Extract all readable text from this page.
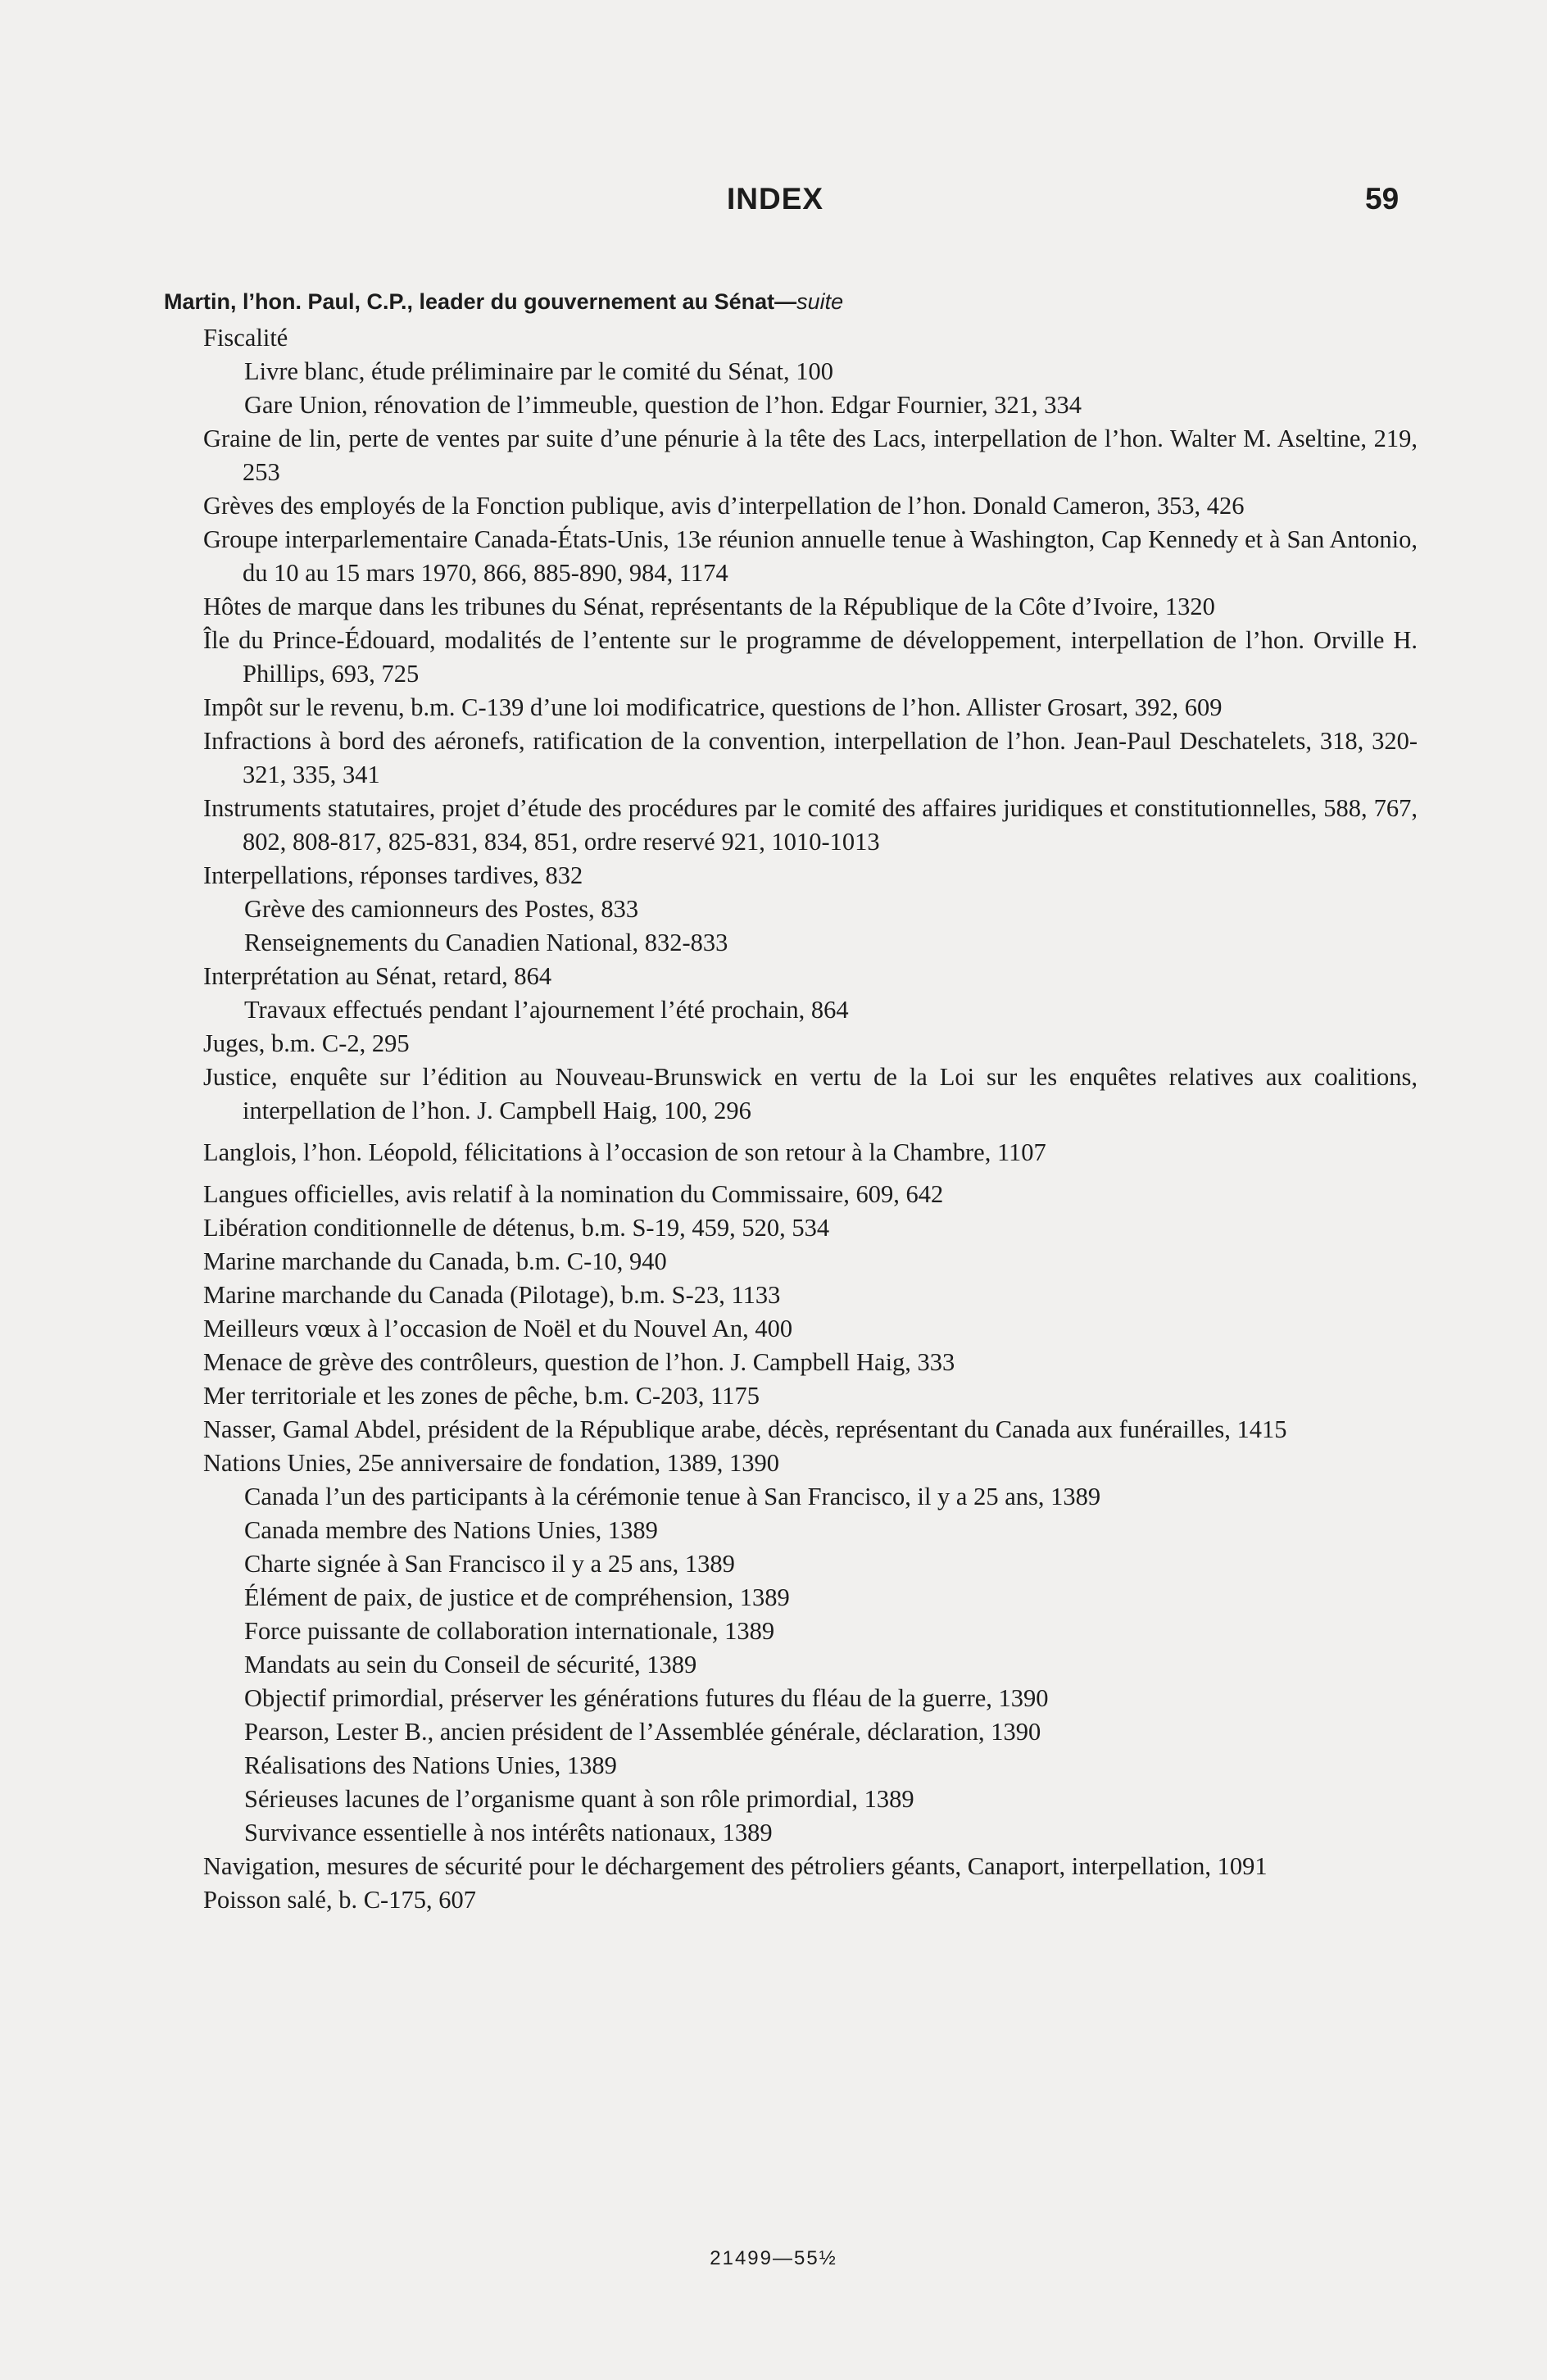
INDEX	59
Martin, l’hon. Paul, C.P., leader du gouvernement au Sénat—suite
Fiscalité
Livre blanc, étude préliminaire par le comité du Sénat, 100
Gare Union, rénovation de l’immeuble, question de l’hon. Edgar Fournier, 321, 334
Graine de lin, perte de ventes par suite d’une pénurie à la tête des Lacs, interpellation de l’hon. Walter M. Aseltine, 219, 253
Grèves des employés de la Fonction publique, avis d’interpellation de l’hon. Donald Cameron, 353, 426
Groupe interparlementaire Canada-États-Unis, 13e réunion annuelle tenue à Washington, Cap Kennedy et à San Antonio, du 10 au 15 mars 1970, 866, 885-890, 984, 1174
Hôtes de marque dans les tribunes du Sénat, représentants de la République de la Côte d’Ivoire, 1320
Île du Prince-Édouard, modalités de l’entente sur le programme de développement, interpellation de l’hon. Orville H. Phillips, 693, 725
Impôt sur le revenu, b.m. C-139 d’une loi modificatrice, questions de l’hon. Allister Grosart, 392, 609
Infractions à bord des aéronefs, ratification de la convention, interpellation de l’hon. Jean-Paul Deschatelets, 318, 320-321, 335, 341
Instruments statutaires, projet d’étude des procédures par le comité des affaires juridiques et constitutionnelles, 588, 767, 802, 808-817, 825-831, 834, 851, ordre reservé 921, 1010-1013
Interpellations, réponses tardives, 832
Grève des camionneurs des Postes, 833
Renseignements du Canadien National, 832-833
Interprétation au Sénat, retard, 864
Travaux effectués pendant l’ajournement l’été prochain, 864
Juges, b.m. C-2, 295
Justice, enquête sur l’édition au Nouveau-Brunswick en vertu de la Loi sur les enquêtes relatives aux coalitions, interpellation de l’hon. J. Campbell Haig, 100, 296
Langlois, l’hon. Léopold, félicitations à l’occasion de son retour à la Chambre, 1107
Langues officielles, avis relatif à la nomination du Commissaire, 609, 642
Libération conditionnelle de détenus, b.m. S-19, 459, 520, 534
Marine marchande du Canada, b.m. C-10, 940
Marine marchande du Canada (Pilotage), b.m. S-23, 1133
Meilleurs vœux à l’occasion de Noël et du Nouvel An, 400
Menace de grève des contrôleurs, question de l’hon. J. Campbell Haig, 333
Mer territoriale et les zones de pêche, b.m. C-203, 1175
Nasser, Gamal Abdel, président de la République arabe, décès, représentant du Canada aux funérailles, 1415
Nations Unies, 25e anniversaire de fondation, 1389, 1390
Canada l’un des participants à la cérémonie tenue à San Francisco, il y a 25 ans, 1389
Canada membre des Nations Unies, 1389
Charte signée à San Francisco il y a 25 ans, 1389
Élément de paix, de justice et de compréhension, 1389
Force puissante de collaboration internationale, 1389
Mandats au sein du Conseil de sécurité, 1389
Objectif primordial, préserver les générations futures du fléau de la guerre, 1390
Pearson, Lester B., ancien président de l’Assemblée générale, déclaration, 1390
Réalisations des Nations Unies, 1389
Sérieuses lacunes de l’organisme quant à son rôle primordial, 1389
Survivance essentielle à nos intérêts nationaux, 1389
Navigation, mesures de sécurité pour le déchargement des pétroliers géants, Canaport, interpellation, 1091
Poisson salé, b. C-175, 607
21499—55½
